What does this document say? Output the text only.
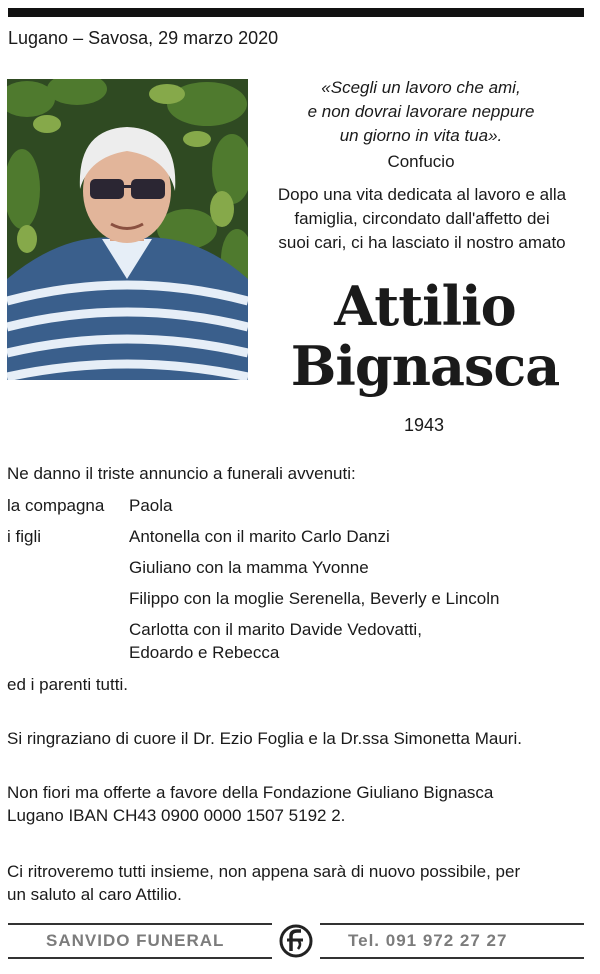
Lugano – Savosa, 29 marzo 2020
«Scegli un lavoro che ami,
e non dovrai lavorare neppure
un giorno in vita tua».
Confucio
Dopo una vita dedicata al lavoro e alla
famiglia, circondato dall'affetto dei
suoi cari, ci ha lasciato il nostro amato
Attilio
Bignasca
1943
Ne danno il triste annuncio a funerali avvenuti:
la compagna Paola
i figli	Antonella con il marito Carlo Danzi
Giuliano con la mamma Yvonne
Filippo con la moglie Serenella, Beverly e Lincoln
Carlotta con il marito Davide Vedovatti,
Edoardo e Rebecca
ed i parenti tutti.
Si ringraziano di cuore il Dr. Ezio Foglia e la Dr.ssa Simonetta Mauri.
Non fiori ma offerte a favore della Fondazione Giuliano Bignasca
Lugano IBAN CH43 0900 0000 1507 5192 2.
Ci ritroveremo tutti insieme, non appena sarà di nuovo possibile, per
un saluto al caro Attilio.
SANVIDO FUNERAL	Tel. 091 972 27 27
